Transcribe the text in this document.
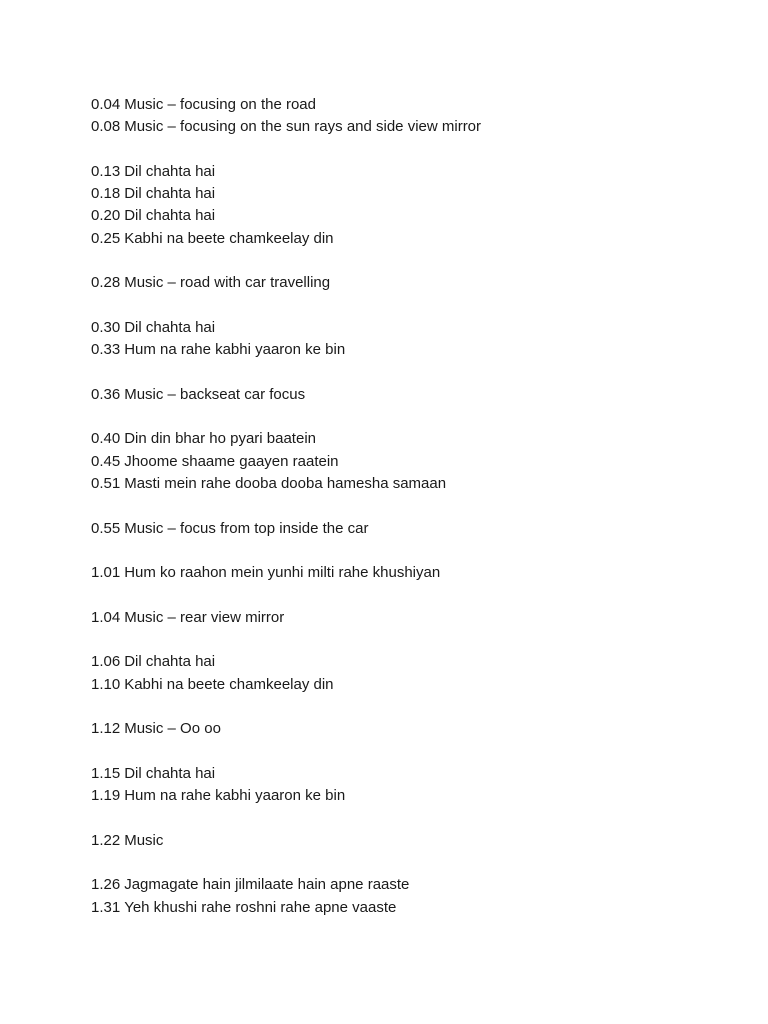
0.04 Music – focusing on the road
0.08 Music – focusing on the sun rays and side view mirror
0.13 Dil chahta hai
0.18 Dil chahta hai
0.20 Dil chahta hai
0.25 Kabhi na beete chamkeelay din
0.28 Music – road with car travelling
0.30 Dil chahta hai
0.33 Hum na rahe kabhi yaaron ke bin
0.36 Music – backseat car focus
0.40 Din din bhar ho pyari baatein
0.45 Jhoome shaame gaayen raatein
0.51 Masti mein rahe dooba dooba hamesha samaan
0.55 Music – focus from top inside the car
1.01 Hum ko raahon mein yunhi milti rahe khushiyan
1.04 Music – rear view mirror
1.06 Dil chahta hai
1.10 Kabhi na beete chamkeelay din
1.12 Music – Oo oo
1.15 Dil chahta hai
1.19 Hum na rahe kabhi yaaron ke bin
1.22 Music
1.26 Jagmagate hain jilmilaate hain apne raaste
1.31 Yeh khushi rahe roshni rahe apne vaaste
